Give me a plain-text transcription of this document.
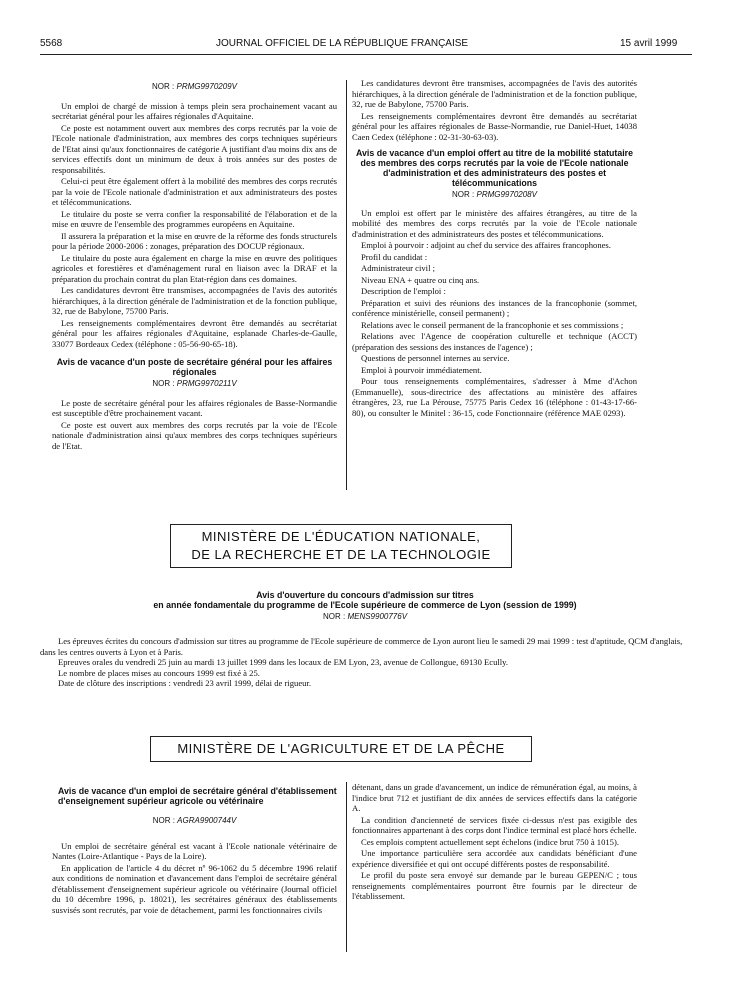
5568	JOURNAL OFFICIEL DE LA RÉPUBLIQUE FRANÇAISE	15 avril 1999
NOR : PRMG9970209V

Un emploi de chargé de mission à temps plein sera prochainement vacant au secrétariat général pour les affaires régionales d'Aquitaine.

Ce poste est notamment ouvert aux membres des corps recrutés par la voie de l'Ecole nationale d'administration, aux membres des corps techniques supérieurs de l'Etat ainsi qu'aux fonctionnaires de catégorie A justifiant d'au moins dix ans de services effectifs dont un minimum de deux à trois années sur des postes de responsabilités.

Celui-ci peut être également offert à la mobilité des membres des corps recrutés par la voie de l'Ecole nationale d'administration et aux administrateurs des postes et télécommunications.

Le titulaire du poste se verra confier la responsabilité de l'élaboration et de la mise en œuvre de l'ensemble des programmes européens en Aquitaine.

Il assurera la préparation et la mise en œuvre de la réforme des fonds structurels pour la période 2000-2006 : zonages, préparation des DOCUP régionaux.

Le titulaire du poste aura également en charge la mise en œuvre des politiques agricoles et forestières et d'aménagement rural en liaison avec la DRAF et la préparation du prochain contrat du plan Etat-région dans ces domaines.

Les candidatures devront être transmises, accompagnées de l'avis des autorités hiérarchiques, à la direction générale de l'administration et de la fonction publique, 32, rue de Babylone, 75700 Paris.

Les renseignements complémentaires devront être demandés au secrétariat général pour les affaires régionales d'Aquitaine, esplanade Charles-de-Gaulle, 33077 Bordeaux Cedex (téléphone : 05-56-90-65-18).

Avis de vacance d'un poste de secrétaire général pour les affaires régionales
NOR : PRMG9970211V

Le poste de secrétaire général pour les affaires régionales de Basse-Normandie est susceptible d'être prochainement vacant.

Ce poste est ouvert aux membres des corps recrutés par la voie de l'Ecole nationale d'administration ainsi qu'aux membres des corps techniques supérieurs de l'Etat.

Les candidatures devront être transmises, accompagnées de l'avis des autorités hiérarchiques, à la direction générale de l'administration et de la fonction publique, 32, rue de Babylone, 75700 Paris.

Les renseignements complémentaires devront être demandés au secrétariat général pour les affaires régionales de Basse-Normandie, rue Daniel-Huet, 14038 Caen Cedex (téléphone : 02-31-30-63-03).

Avis de vacance d'un emploi offert au titre de la mobilité statutaire des membres des corps recrutés par la voie de l'Ecole nationale d'administration et des administrateurs des postes et télécommunications
NOR : PRMG9970208V

Un emploi est offert par le ministère des affaires étrangères, au titre de la mobilité des membres des corps recrutés par la voie de l'Ecole nationale d'administration et des administrateurs des postes et télécommunications.

Emploi à pourvoir : adjoint au chef du service des affaires francophones.

Profil du candidat :

Administrateur civil ;

Niveau ENA + quatre ou cinq ans.

Description de l'emploi :

Préparation et suivi des réunions des instances de la francophonie (sommet, conférence ministérielle, conseil permanent) ;

Relations avec le conseil permanent de la francophonie et ses commissions ;

Relations avec l'Agence de coopération culturelle et technique (ACCT) (préparation des sessions des instances de l'agence) ;

Questions de personnel internes au service.

Emploi à pourvoir immédiatement.

Pour tous renseignements complémentaires, s'adresser à Mme d'Achon (Emmanuelle), sous-directrice des affectations au ministère des affaires étrangères, 23, rue La Pérouse, 75775 Paris Cedex 16 (téléphone : 01-43-17-66-80), ou consulter le Minitel : 36-15, code Fonctionnaire (référence MAE 0293).

MINISTÈRE DE L'ÉDUCATION NATIONALE,
DE LA RECHERCHE ET DE LA TECHNOLOGIE
Avis d'ouverture du concours d'admission sur titres
en année fondamentale du programme de l'Ecole supérieure de commerce de Lyon (session de 1999)
NOR : MENS9900776V

Les épreuves écrites du concours d'admission sur titres au programme de l'Ecole supérieure de commerce de Lyon auront lieu le samedi 29 mai 1999 : test d'aptitude, QCM d'anglais, dans les centres ouverts à Lyon et à Paris.

Epreuves orales du vendredi 25 juin au mardi 13 juillet 1999 dans les locaux de EM Lyon, 23, avenue de Collongue, 69130 Ecully.

Le nombre de places mises au concours 1999 est fixé à 25.

Date de clôture des inscriptions : vendredi 23 avril 1999, délai de rigueur.

MINISTÈRE DE L'AGRICULTURE ET DE LA PÊCHE
Avis de vacance d'un emploi de secrétaire général d'établissement d'enseignement supérieur agricole ou vétérinaire
NOR : AGRA9900744V

Un emploi de secrétaire général est vacant à l'Ecole nationale vétérinaire de Nantes (Loire-Atlantique - Pays de la Loire).

En application de l'article 4 du décret nº 96-1062 du 5 décembre 1996 relatif aux conditions de nomination et d'avancement dans l'emploi de secrétaire général d'établissement d'enseignement supérieur agricole ou vétérinaire (Journal officiel du 10 décembre 1996, p. 18021), les secrétaires généraux des établissements susvisés sont recrutés, par voie de détachement, parmi les fonctionnaires civils

détenant, dans un grade d'avancement, un indice de rémunération égal, au moins, à l'indice brut 712 et justifiant de dix années de services effectifs dans la catégorie A.

La condition d'ancienneté de services fixée ci-dessus n'est pas exigible des fonctionnaires appartenant à des corps dont l'indice terminal est placé hors échelle.

Ces emplois comptent actuellement sept échelons (indice brut 750 à 1015).

Une importance particulière sera accordée aux candidats bénéficiant d'une expérience diversifiée et qui ont occupé différents postes de responsabilité.

Le profil du poste sera envoyé sur demande par le bureau GEPEN/C ; tous renseignements complémentaires pourront être fournis par le directeur de l'établissement.
